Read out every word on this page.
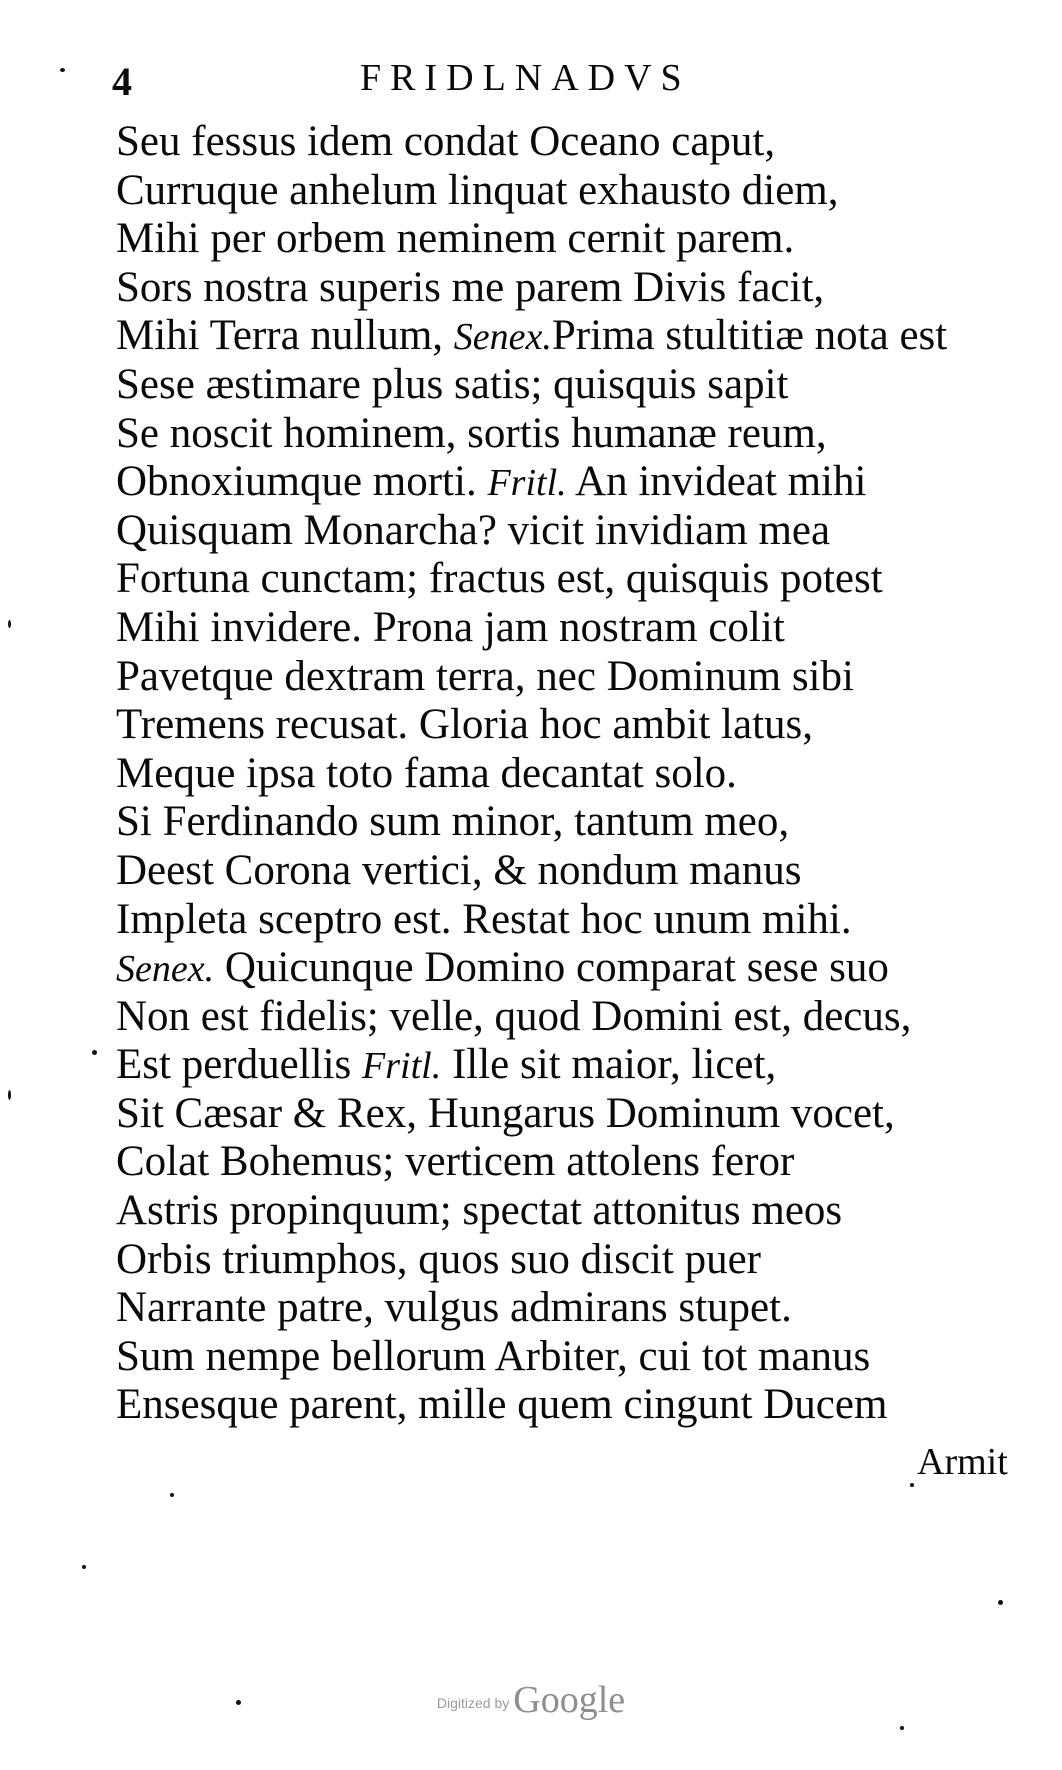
4	FRIDLNADVS
Seu fessus idem condat Oceano caput,
Curruque anhelum linquat exhausto diem,
Mihi per orbem neminem cernit parem.
Sors nostra superis me parem Divis facit,
Mihi Terra nullum, Senex.Prima stultitiæ nota est
Sese æstimare plus satis; quisquis sapit
Se noscit hominem, sortis humanæ reum,
Obnoxiumque morti. Fritl. An invideat mihi
Quisquam Monarcha? vicit invidiam mea
Fortuna cunctam; fractus est, quisquis potest
Mihi invidere. Prona jam nostram colit
Pavetque dextram terra, nec Dominum sibi
Tremens recusat. Gloria hoc ambit latus,
Meque ipsa toto fama decantat solo.
Si Ferdinando sum minor, tantum meo,
Deest Corona vertici, & nondum manus
Impleta sceptro est. Restat hoc unum mihi.
Senex. Quicunque Domino comparat sese suo
Non est fidelis; velle, quod Domini est, decus,
Est perduellis Fritl. Ille sit maior, licet,
Sit Cæsar & Rex, Hungarus Dominum vocet,
Colat Bohemus; verticem attolens feror
Astris propinquum; spectat attonitus meos
Orbis triumphos, quos suo discit puer
Narrante patre, vulgus admirans stupet.
Sum nempe bellorum Arbiter, cui tot manus
Ensesque parent, mille quem cingunt Ducem
Armit
Digitized by Google
